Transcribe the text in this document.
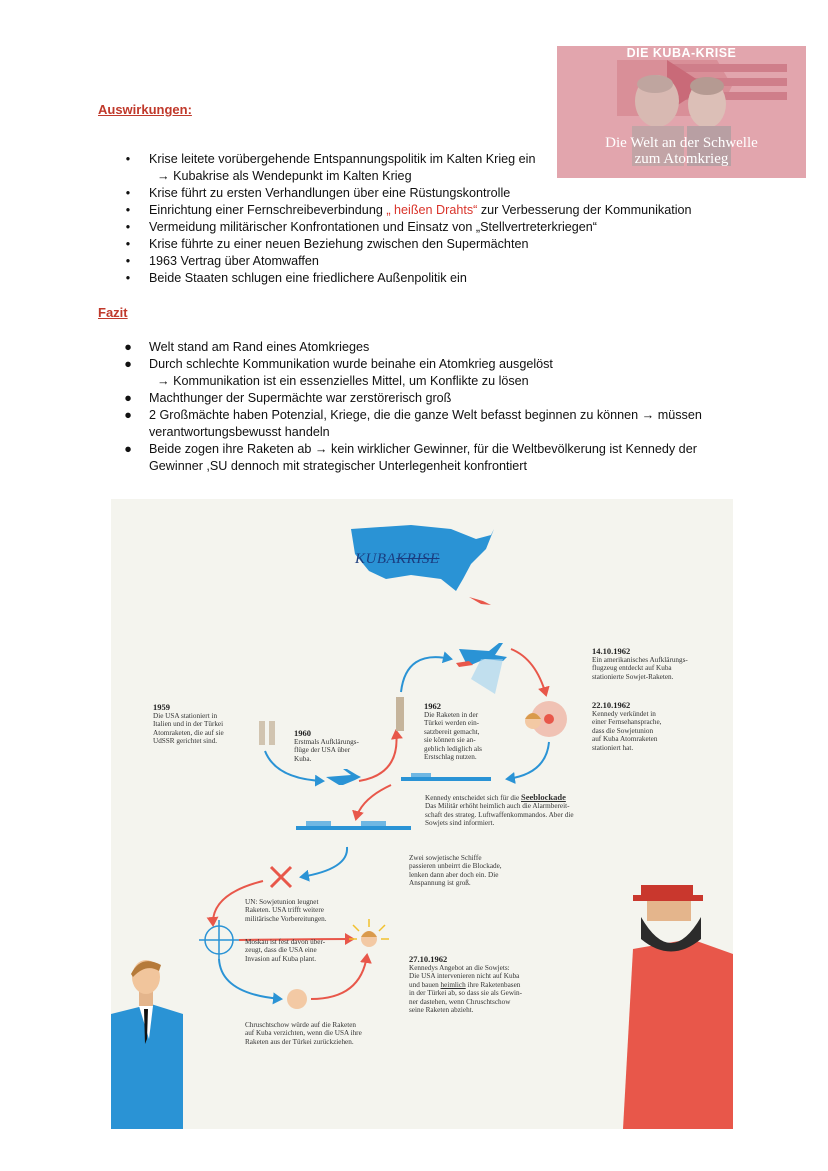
DIE KUBA-KRISE
Die Welt an der Schwelle
zum Atomkrieg
Auswirkungen:
• Krise leitete vorübergehende Entspannungspolitik im Kalten Krieg ein
→ Kubakrise als Wendepunkt im Kalten Krieg
• Krise führt zu ersten Verhandlungen über eine Rüstungskontrolle
• Einrichtung einer Fernschreibeverbindung „ heißen Drahts“ zur Verbesserung der Kommunikation
• Vermeidung militärischer Konfrontationen und Einsatz von „Stellvertreterkriegen“
• Krise führte zu einer neuen Beziehung zwischen den Supermächten
• 1963 Vertrag über Atomwaffen
• Beide Staaten schlugen eine friedlichere Außenpolitik ein
Fazit
● Welt stand am Rand eines Atomkrieges
● Durch schlechte Kommunikation wurde beinahe ein Atomkrieg ausgelöst
→ Kommunikation ist ein essenzielles Mittel, um Konflikte zu lösen
● Machthunger der Supermächte war zerstörerisch groß
● 2 Großmächte haben Potenzial, Kriege, die die ganze Welt befasst beginnen zu können → müssen
verantwortungsbewusst handeln
● Beide zogen ihre Raketen ab → kein wirklicher Gewinner, für die Weltbevölkerung ist Kennedy der
Gewinner ,SU dennoch mit strategischer Unterlegenheit konfrontiert
KUBAKRISE
1959
Die USA stationiert in
Italien und in der Türkei
Atomraketen, die auf sie
UdSSR gerichtet sind.
1960
Erstmals Aufklärungs-
flüge der USA über
Kuba.
1962
Die Raketen in der
Türkei werden ein-
satzbereit gemacht,
sie können sie an-
geblich lediglich als
Erstschlag nutzen.
14.10.1962
Ein amerikanisches Aufklärungs-
flugzeug entdeckt auf Kuba
stationierte Sowjet-Raketen.
22.10.1962
Kennedy verkündet in
einer Fernsehansprache,
dass die Sowjetunion
auf Kuba Atomraketen
stationiert hat.
Kennedy entscheidet sich für die Seeblockade
Das Militär erhöht heimlich auch die Alarmbereit-
schaft des strateg. Luftwaffenkommandos. Aber die
Sowjets sind informiert.
Zwei sowjetische Schiffe
passieren unbeirrt die Blockade,
lenken dann aber doch ein. Die
Anspannung ist groß.
UN: Sowjetunion leugnet
Raketen. USA trifft weitere
militärische Vorbereitungen.
Moskau ist fest davon über-
zeugt, dass die USA eine
Invasion auf Kuba plant.	27.10.1962
Kennedys Angebot an die Sowjets:
Die USA intervenieren nicht auf Kuba
und bauen heimlich ihre Raketenbasen
in der Türkei ab, so dass sie als Gewin-
ner dastehen, wenn Chruschtschow
seine Raketen abzieht.
Chruschtschow würde auf die Raketen
auf Kuba verzichten, wenn die USA ihre
Raketen aus der Türkei zurückziehen.
